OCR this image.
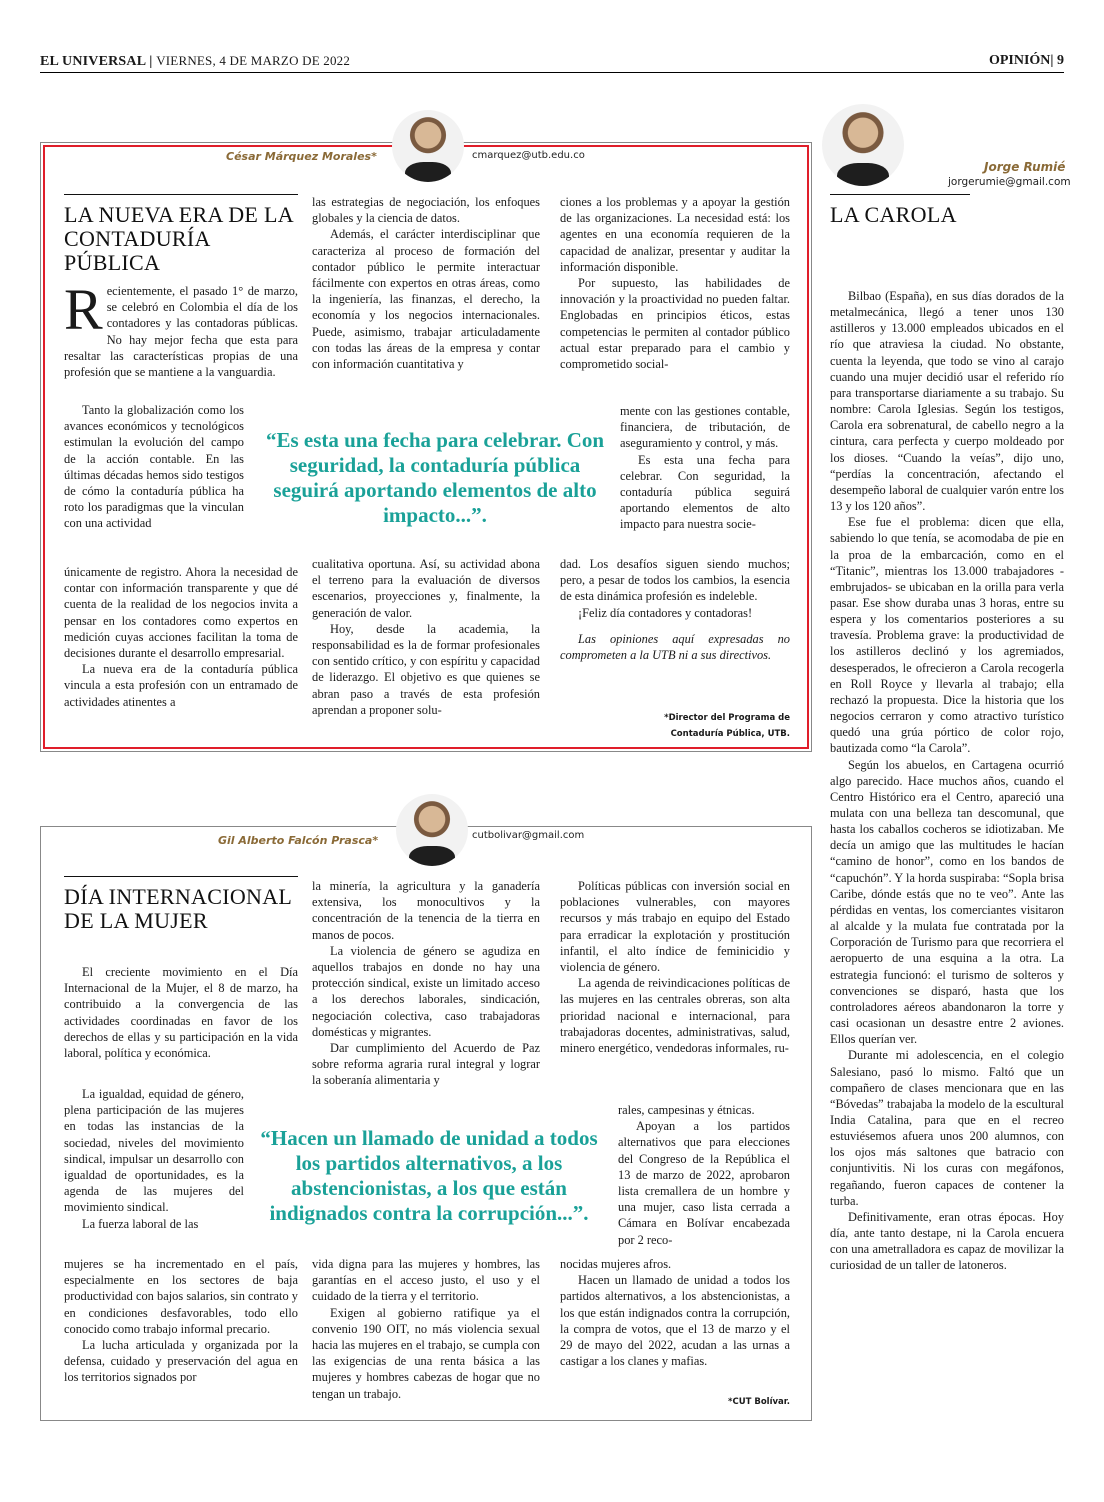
EL UNIVERSAL | VIERNES, 4 DE MARZO DE 2022	OPINIÓN| 9
César Márquez Morales*	cmarquez@utb.edu.co
LA NUEVA ERA DE LA CONTADURÍA PÚBLICA
R ecientemente, el pasado 1° de marzo, se celebró en Colombia el día de los contadores y las contadoras públicas. No hay mejor fecha que esta para resaltar las características propias de una profesión que se mantiene a la vanguardia.

Tanto la globalización como los avances económicos y tecnológicos estimulan la evolución del campo de la acción contable. En las últimas décadas hemos sido testigos de cómo la contaduría pública ha roto los paradigmas que la vinculan con una actividad

únicamente de registro. Ahora la necesidad de contar con información transparente y que dé cuenta de la realidad de los negocios invita a pensar en los contadores como expertos en medición cuyas acciones facilitan la toma de decisiones durante el desarrollo empresarial.

La nueva era de la contaduría pública vincula a esta profesión con un entramado de actividades atinentes a

las estrategias de negociación, los enfoques globales y la ciencia de datos.

Además, el carácter interdisciplinar que caracteriza al proceso de formación del contador público le permite interactuar fácilmente con expertos en otras áreas, como la ingeniería, las finanzas, el derecho, la economía y los negocios internacionales. Puede, asimismo, trabajar articuladamente con todas las áreas de la empresa y contar con información cuantitativa y

cualitativa oportuna. Así, su actividad abona el terreno para la evaluación de diversos escenarios, proyecciones y, finalmente, la generación de valor.

Hoy, desde la academia, la responsabilidad es la de formar profesionales con sentido crítico, y con espíritu y capacidad de liderazgo. El objetivo es que quienes se abran paso a través de esta profesión aprendan a proponer solu-

ciones a los problemas y a apoyar la gestión de las organizaciones. La necesidad está: los agentes en una economía requieren de la capacidad de analizar, presentar y auditar la información disponible.

Por supuesto, las habilidades de innovación y la proactividad no pueden faltar. Englobadas en principios éticos, estas competencias le permiten al contador público actual estar preparado para el cambio y comprometido social-

mente con las gestiones contable, financiera, de tributación, de aseguramiento y control, y más.

Es esta una fecha para celebrar. Con seguridad, la contaduría pública seguirá aportando elementos de alto impacto para nuestra socie-

dad. Los desafíos siguen siendo muchos; pero, a pesar de todos los cambios, la esencia de esta dinámica profesión es indeleble.

¡Feliz día contadores y contadoras!

Las opiniones aquí expresadas no comprometen a la UTB ni a sus directivos.

*Director del Programa de
Contaduría Pública, UTB.
“Es esta una fecha para celebrar. Con seguridad, la contaduría pública seguirá aportando elementos de alto impacto...”.
Gil Alberto Falcón Prasca*	cutbolivar@gmail.com
DÍA INTERNACIONAL DE LA MUJER

El creciente movimiento en el Día Internacional de la Mujer, el 8 de marzo, ha contribuido a la convergencia de las actividades coordinadas en favor de los derechos de ellas y su participación en la vida laboral, política y económica.

La igualdad, equidad de género, plena participación de las mujeres en todas las instancias de la sociedad, niveles del movimiento sindical, impulsar un desarrollo con igualdad de oportunidades, es la agenda de las mujeres del movimiento sindical.

La fuerza laboral de las

mujeres se ha incrementado en el país, especialmente en los sectores de baja productividad con bajos salarios, sin contrato y en condiciones desfavorables, todo ello conocido como trabajo informal precario.

La lucha articulada y organizada por la defensa, cuidado y preservación del agua en los territorios signados por

la minería, la agricultura y la ganadería extensiva, los monocultivos y la concentración de la tenencia de la tierra en manos de pocos.

La violencia de género se agudiza en aquellos trabajos en donde no hay una protección sindical, existe un limitado acceso a los derechos laborales, sindicación, negociación colectiva, caso trabajadoras domésticas y migrantes.

Dar cumplimiento del Acuerdo de Paz sobre reforma agraria rural integral y lograr la soberanía alimentaria y

vida digna para las mujeres y hombres, las garantías en el acceso justo, el uso y el cuidado de la tierra y el territorio.

Exigen al gobierno ratifique ya el convenio 190 OIT, no más violencia sexual hacia las mujeres en el trabajo, se cumpla con las exigencias de una renta básica a las mujeres y hombres cabezas de hogar que no tengan un trabajo.

Políticas públicas con inversión social en poblaciones vulnerables, con mayores recursos y más trabajo en equipo del Estado para erradicar la explotación y prostitución infantil, el alto índice de feminicidio y violencia de género.

La agenda de reivindicaciones políticas de las mujeres en las centrales obreras, son alta prioridad nacional e internacional, para trabajadoras docentes, administrativas, salud, minero energético, vendedoras informales, ru-

rales, campesinas y étnicas.

Apoyan a los partidos alternativos que para elecciones del Congreso de la República el 13 de marzo de 2022, aprobaron lista cremallera de un hombre y una mujer, caso lista cerrada a Cámara en Bolívar encabezada por 2 reco-

nocidas mujeres afros.

Hacen un llamado de unidad a todos los partidos alternativos, a los abstencionistas, a los que están indignados contra la corrupción, la compra de votos, que el 13 de marzo y el 29 de mayo del 2022, acudan a las urnas a castigar a los clanes y mafias.

*CUT Bolívar.
“Hacen un llamado de unidad a todos los partidos alternativos, a los abstencionistas, a los que están indignados contra la corrupción...”.
Jorge Rumié
jorgerumie@gmail.com
LA CAROLA

Bilbao (España), en sus días dorados de la metalmecánica, llegó a tener unos 130 astilleros y 13.000 empleados ubicados en el río que atraviesa la ciudad. No obstante, cuenta la leyenda, que todo se vino al carajo cuando una mujer decidió usar el referido río para transportarse diariamente a su trabajo. Su nombre: Carola Iglesias. Según los testigos, Carola era sobrenatural, de cabello negro a la cintura, cara perfecta y cuerpo moldeado por los dioses. “Cuando la veías”, dijo uno, “perdías la concentración, afectando el desempeño laboral de cualquier varón entre los 13 y los 120 años”.

Ese fue el problema: dicen que ella, sabiendo lo que tenía, se acomodaba de pie en la proa de la embarcación, como en el “Titanic”, mientras los 13.000 trabajadores -embrujados- se ubicaban en la orilla para verla pasar. Ese show duraba unas 3 horas, entre su espera y los comentarios posteriores a su travesía. Problema grave: la productividad de los astilleros declinó y los agremiados, desesperados, le ofrecieron a Carola recogerla en Roll Royce y llevarla al trabajo; ella rechazó la propuesta. Dice la historia que los negocios cerraron y como atractivo turístico quedó una grúa pórtico de color rojo, bautizada como “la Carola”.

Según los abuelos, en Cartagena ocurrió algo parecido. Hace muchos años, cuando el Centro Histórico era el Centro, apareció una mulata con una belleza tan descomunal, que hasta los caballos cocheros se idiotizaban. Me decía un amigo que las multitudes le hacían “camino de honor”, como en los bandos de “capuchón”. Y la horda suspiraba: “Sopla brisa Caribe, dónde estás que no te veo”. Ante las pérdidas en ventas, los comerciantes visitaron al alcalde y la mulata fue contratada por la Corporación de Turismo para que recorriera el aeropuerto de una esquina a la otra. La estrategia funcionó: el turismo de solteros y convenciones se disparó, hasta que los controladores aéreos abandonaron la torre y casi ocasionan un desastre entre 2 aviones. Ellos querían ver.

Durante mi adolescencia, en el colegio Salesiano, pasó lo mismo. Faltó que un compañero de clases mencionara que en las “Bóvedas” trabajaba la modelo de la escultural India Catalina, para que en el recreo estuviésemos afuera unos 200 alumnos, con los ojos más saltones que batracio con conjuntivitis. Ni los curas con megáfonos, regañando, fueron capaces de contener la turba.

Definitivamente, eran otras épocas. Hoy día, ante tanto destape, ni la Carola encuera con una ametralladora es capaz de movilizar la curiosidad de un taller de latoneros.
